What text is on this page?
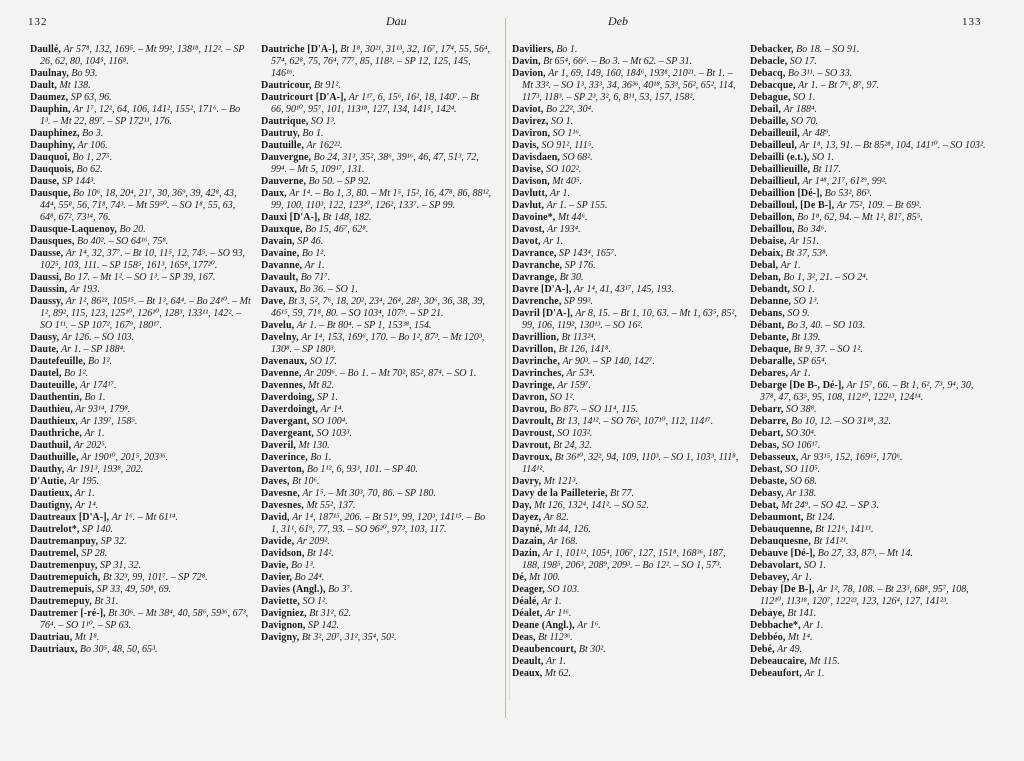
132	Dau

Daullé, Ar 57⁸, 132, 169⁵. – Mt 99², 138¹⁸, 112². – SP 26, 62, 80, 104⁵, 116⁸.

Daulnay, Bo 93.

Dault, Mt 138.

Daumez, SP 63, 96.

Dauphin, Ar 1⁷, 12², 64, 106, 141², 155², 171⁶. – Bo 1³. – Mt 22, 89⁷. – SP 172¹¹, 176.

Dauphinez, Bo 3.

Dauphiny, Ar 106.

Dauquoi, Bo 1, 27⁵.

Dauquois, Bo 62.

Dause, SP 144³.

Dausque, Bo 10⁶, 18, 20⁴, 21⁷, 30, 36⁹, 39, 42⁸, 43, 44⁴, 55⁸, 56, 71⁸, 74³. – Mt 59⁵⁰. – SO 1⁸, 55, 63, 64⁸, 67², 73¹⁴, 76.

Dausque-Laquenoy, Bo 20.

Dausques, Bo 40². – SO 64¹⁶, 75⁸.

Dausse, Ar 1⁴, 32, 37⁷. – Bt 10, 11⁵, 12, 74⁵. – SO 93, 102⁵, 103, 111. – SP 158⁵, 161³, 165⁸, 177²⁰.

Daussi, Bo 17. – Mt 1². – SO 1³. – SP 39, 167.

Daussin, Ar 193.

Daussy, Ar 1², 86²², 105¹⁵. – Bt 1³, 64⁴. – Bo 24¹⁰. – Mt 1², 89², 115, 123, 125¹⁰, 126¹⁰, 128³, 133¹¹, 142². – SO 1¹¹. – SP 107², 167⁹, 180¹⁷.

Dausy, Ar 126. – SO 103.

Daute, Ar 1. – SP 188⁴.

Dautefeuille, Bo 1².

Dautel, Bo 1².

Dauteuille, Ar 174¹⁷.

Dauthentin, Bo 1.

Dauthieu, Ar 93¹⁴, 179⁸.

Dauthieux, Ar 139⁷, 158⁵.

Dauthriche, Ar 1.

Dauthuil, Ar 202⁵.

Dauthuille, Ar 190¹⁰, 201⁵, 203³⁶.

Dauthy, Ar 191³, 193⁸, 202.

D'Autie, Ar 195.

Dautieux, Ar 1.

Dautigny, Ar 1⁴.

Dautreaux [D'A-], Ar 1⁶. – Mt 61¹⁴.

Dautrelot*, SP 140.

Dautremanpuy, SP 32.

Dautremel, SP 28.

Dautremenpuy, SP 31, 32.

Dautremepuich, Bt 32³, 99, 101⁷. – SP 72⁸.

Dautremepuis, SP 33, 49, 50⁸, 69.

Dautremepuy, Bt 31.

Dautremer [-ré-], Bt 30⁶. – Mt 38⁴, 40, 58⁶, 59³⁶, 67³, 76⁴. – SO 1¹⁰. – SP 63.

Dautriau, Mt 1⁸.

Dautriaux, Bo 30⁵, 48, 50, 65³.

Dautriche [D'A-], Bt 1⁸, 30²¹, 31¹³, 32, 16⁷, 17⁴, 55, 56⁴, 57⁴, 62⁸, 75, 76⁴, 77⁷, 85, 118². – SP 12, 125, 145, 146¹⁶.

Dautricour, Bt 91².

Dautricourt [D'A-], Ar 1¹⁷, 6, 15⁶, 16², 18, 140⁷. – Bt 66, 90¹⁰, 95⁷, 101, 113¹⁸, 127, 134, 141⁵, 142⁴.

Dautrique, SO 1³.

Dautruy, Bo 1.

Dautuille, Ar 162²².

Dauvergne, Bo 24, 31³, 35², 38⁶, 39¹⁶, 46, 47, 51³, 72, 99⁴. – Mt 5, 109¹⁷, 131.

Dauverne, Bo 50. – SP 92.

Daux, Ar 1⁴. – Bo 1, 3, 80. – Mt 1⁵, 15², 16, 47⁸, 86, 88¹², 99, 100, 110³, 122, 123²⁰, 126², 133⁷. – SP 99.

Dauxi [D'A-], Bt 148, 182.

Dauxque, Bo 15, 46⁷, 62⁸.

Davain, SP 46.

Davaine, Bo 1².

Davanne, Ar 1.

Davault, Bo 71⁷.

Davaux, Bo 36. – SO 1.

Dave, Bt 3, 5², 7⁶, 18, 20², 23⁴, 26⁴, 28², 30⁶, 36, 38, 39, 46¹⁵, 59, 71⁸, 80. – SO 103⁴, 107⁹. – SP 21.

Davelu, Ar 1. – Bt 80⁴. – SP 1, 153³⁸, 154.

Davelny, Ar 1⁴, 153, 169⁶, 170. – Bo 1², 87³. – Mt 120³, 130⁸. – SP 180³.

Davenaux, SO 17.

Davenne, Ar 209⁶. – Bo 1. – Mt 70², 85², 87⁴. – SO 1.

Davennes, Mt 82.

Daverdoing, SP 1.

Daverdoingt, Ar 1⁴.

Davergant, SO 100⁴.

Davergeant, SO 103³.

Daveril, Mt 130.

Daverince, Bo 1.

Daverton, Bo 1¹², 6, 93³, 101. – SP 40.

Daves, Bt 10⁶.

Davesne, Ar 1⁵. – Mt 30³, 70, 86. – SP 180.

Davesnes, Mt 55², 137.

David, Ar 1⁴, 187¹⁵, 206. – Bt 51⁹, 99, 120³, 141¹⁵. – Bo 1, 31¹, 61⁹, 77, 93. – SO 96²⁰, 97³, 103, 117.

Davide, Ar 209².

Davidson, Bt 14².

Davie, Bo 1³.

Davier, Bo 24⁴.

Davies (Angl.), Bo 3⁷.

Daviette, SO 1².

Davigniez, Bt 31², 62.

Davignon, SP 142.

Davigny, Bt 3², 20⁷, 31², 35⁴, 50².

Deb	133

Daviliers, Bo 1.

Davin, Bt 65⁴, 66⁶. – Bo 3. – Mt 62. – SP 31.

Davion, Ar 1, 69, 149, 160, 184⁶, 193⁸, 210²¹. – Bt 1. – Mt 33². – SO 1³, 33³, 34, 36³⁶, 40¹⁸, 53³, 56², 65², 114, 117³, 118³. – SP 2³, 3², 6, 8¹¹, 53, 157, 158².

Daviot, Bo 22², 30⁴.

Davirez, SO 1.

Daviron, SO 1¹⁶.

Davis, SO 91², 111⁵.

Davisdaen, SO 68².

Davise, SO 102².

Davison, Mt 40⁵.

Davlutt, Ar 1.

Davlut, Ar 1. – SP 155.

Davoine*, Mt 44⁶.

Davost, Ar 193⁴.

Davot, Ar 1.

Davrance, SP 143⁴, 165⁷.

Davranche, SP 176.

Davrange, Bt 30.

Davre [D'A-], Ar 1⁴, 41, 43¹⁷, 145, 193.

Davrenche, SP 99³.

Davril [D'A-], Ar 8, 15. – Bt 1, 10, 63. – Mt 1, 63⁵, 85², 99, 106, 119², 130¹³. – SO 16².

Davrillion, Bt 113²⁴.

Davrillon, Bt 126, 141⁸.

Davrinche, Ar 90³. – SP 140, 142⁷.

Davrinches, Ar 53⁴.

Davringe, Ar 159⁷.

Davron, SO 1².

Davrou, Bo 87². – SO 11⁴, 115.

Davroult, Bt 13, 14¹². – SO 76², 107¹⁰, 112, 114¹⁷.

Davroust, SO 103².

Davrout, Bt 24, 32.

Davroux, Bt 36¹⁰, 32², 94, 109, 110³. – SO 1, 103³, 111⁸, 114¹².

Davry, Mt 121³.

Davy de la Pailleterie, Bt 77.

Day, Mt 126, 132⁴, 141². – SO 52.

Dayez, Ar 82.

Dayné, Mt 44, 126.

Dazain, Ar 168.

Dazin, Ar 1, 101¹², 105⁴, 106⁷, 127, 151⁸, 168³⁶, 187, 188, 198⁵, 206³, 208⁹, 209³. – Bo 12². – SO 1, 57³.

Dé, Mt 100.

Deager, SO 103.

Déalé, Ar 1.

Déalet, Ar 1¹⁶.

Deane (Angl.), Ar 1⁶.

Deas, Bt 112³⁶.

Deaubencourt, Bt 30².

Deault, Ar 1.

Deaux, Mt 62.

Debacker, Bo 18. – SO 91.

Debacle, SO 17.

Debacq, Bo 3¹¹. – SO 33.

Debacque, Ar 1. – Bt 7⁶, 8⁷, 97.

Debague, SO 1.

Debail, Ar 188⁴.

Debaille, SO 70.

Debailleuil, Ar 48⁹.

Debailleul, Ar 1⁸, 13, 91. – Bt 85²⁸, 104, 141¹⁰. – SO 103².

Debailli (e.t.), SO 1.

Debaillieuille, Bt 117.

Debaillieul, Ar 1⁴⁸, 21⁷, 61²⁹, 99².

Debaillion [Dé-], Bo 53², 86³.

Debailloul, [De B-], Ar 75², 109. – Bt 69².

Debaillon, Bo 1⁸, 62, 94. – Mt 1², 81⁷, 85⁵.

Debaillou, Bo 34⁶.

Debaise, Ar 151.

Debaix, Bt 37, 53⁸.

Debal, Ar 1.

Deban, Bo 1, 3², 21. – SO 2⁴.

Debandt, SO 1.

Debanne, SO 1³.

Debans, SO 9.

Débant, Bo 3, 40. – SO 103.

Debante, Bt 139.

Debaque, Bt 9, 37. – SO 1².

Debaralle, SP 65⁴.

Debares, Ar 1.

Debarge [De B-, Dé-], Ar 15⁷, 66. – Bt 1, 6², 7³, 9⁴, 30, 37⁸, 47, 63⁵, 95, 108, 112¹⁰, 122¹³, 124¹⁴.

Debarr, SO 38⁸.

Debarre, Bo 10, 12. – SO 31¹⁸, 32.

Debart, SO 30⁴.

Debas, SO 106¹⁷.

Debasseux, Ar 93¹⁵, 152, 169¹⁵, 170⁶.

Debast, SO 110⁵.

Debaste, SO 68.

Debasy, Ar 138.

Debat, Mt 24⁹. – SO 42. – SP 3.

Debaumont, Bt 124.

Debauquenne, Bt 121⁶, 141¹¹.

Debauquesne, Bt 141²¹.

Debauve [Dé-], Bo 27, 33, 87³. – Mt 14.

Debavolart, SO 1.

Debavey, Ar 1.

Debay [De B-], Ar 1², 78, 108. – Bt 23³, 68⁸, 95⁷, 108, 112¹⁰, 113¹⁸, 120⁷, 122²³, 123, 126⁴, 127, 141²³.

Debaye, Bt 141.

Debbache*, Ar 1.

Debbéo, Mt 1⁴.

Debé, Ar 49.

Debeaucaire, Mt 115.

Debeaufort, Ar 1.
